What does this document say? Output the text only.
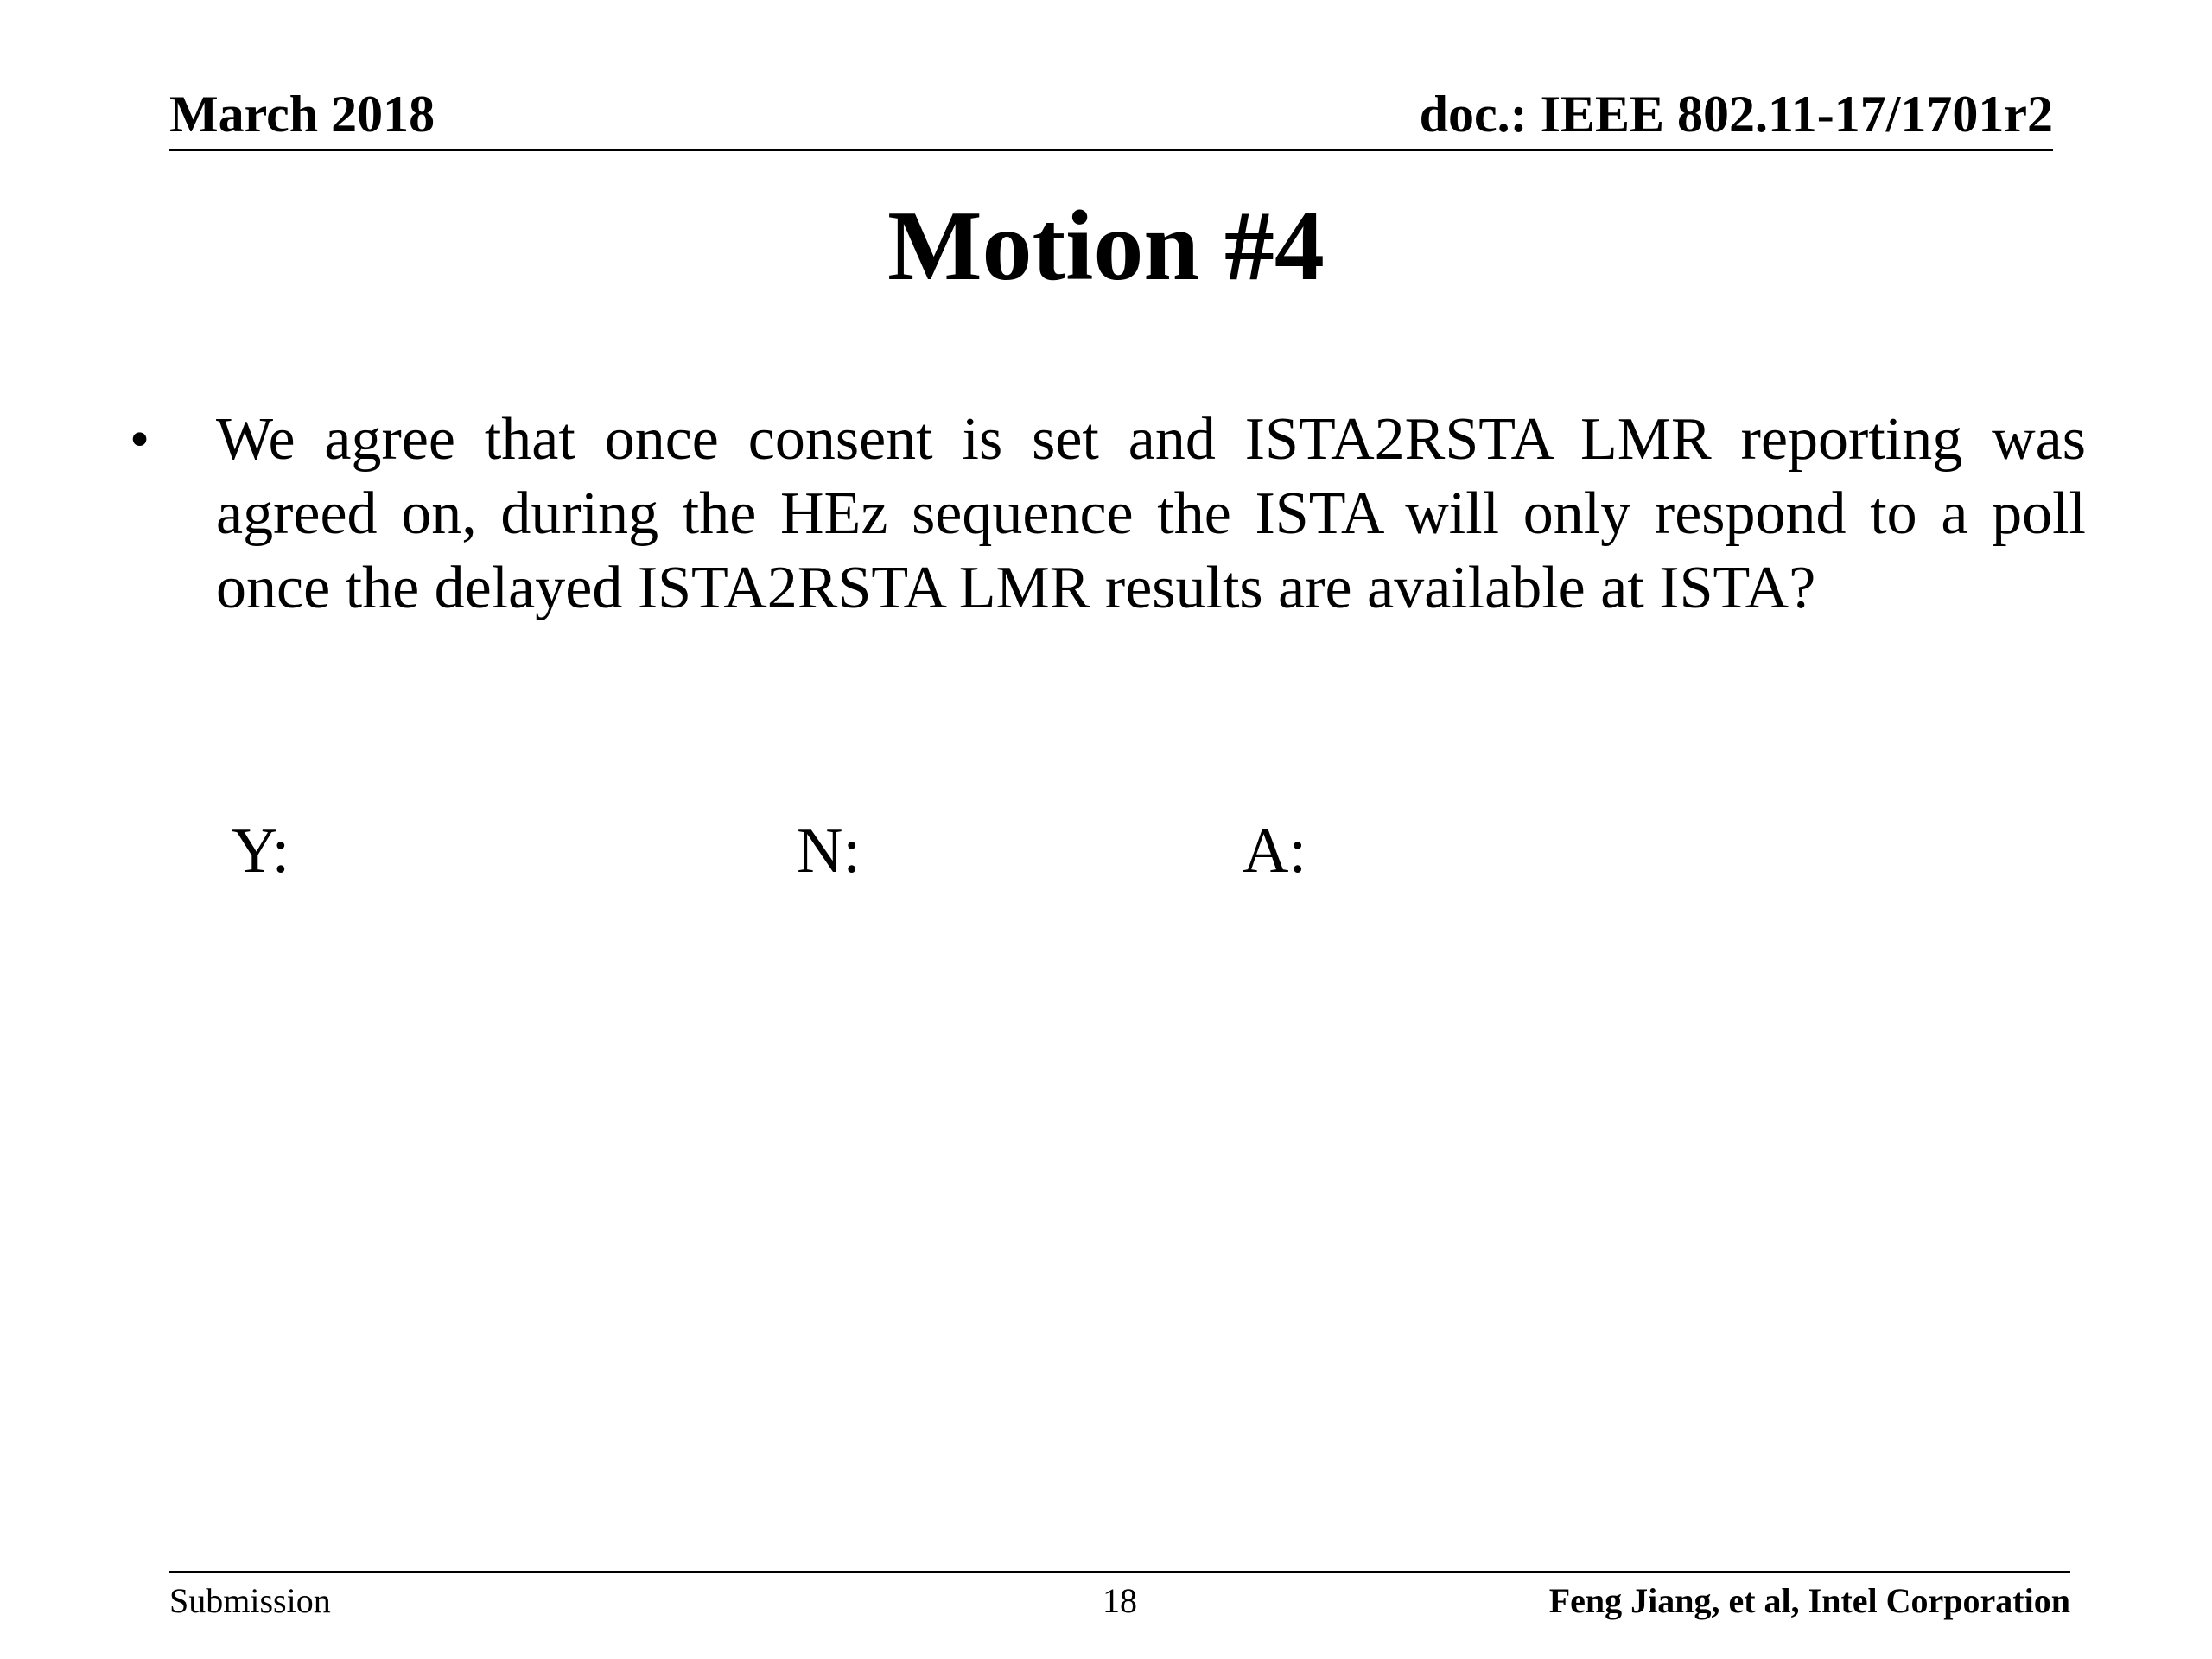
March 2018	doc.: IEEE 802.11-17/1701r2
Motion #4
• We agree that once consent is set and ISTA2RSTA LMR reporting was agreed on, during the HEz sequence the ISTA will only respond to a poll once the delayed ISTA2RSTA LMR results are available at ISTA?
Y:	N:	A:
Submission	18	Feng Jiang, et al, Intel Corporation
